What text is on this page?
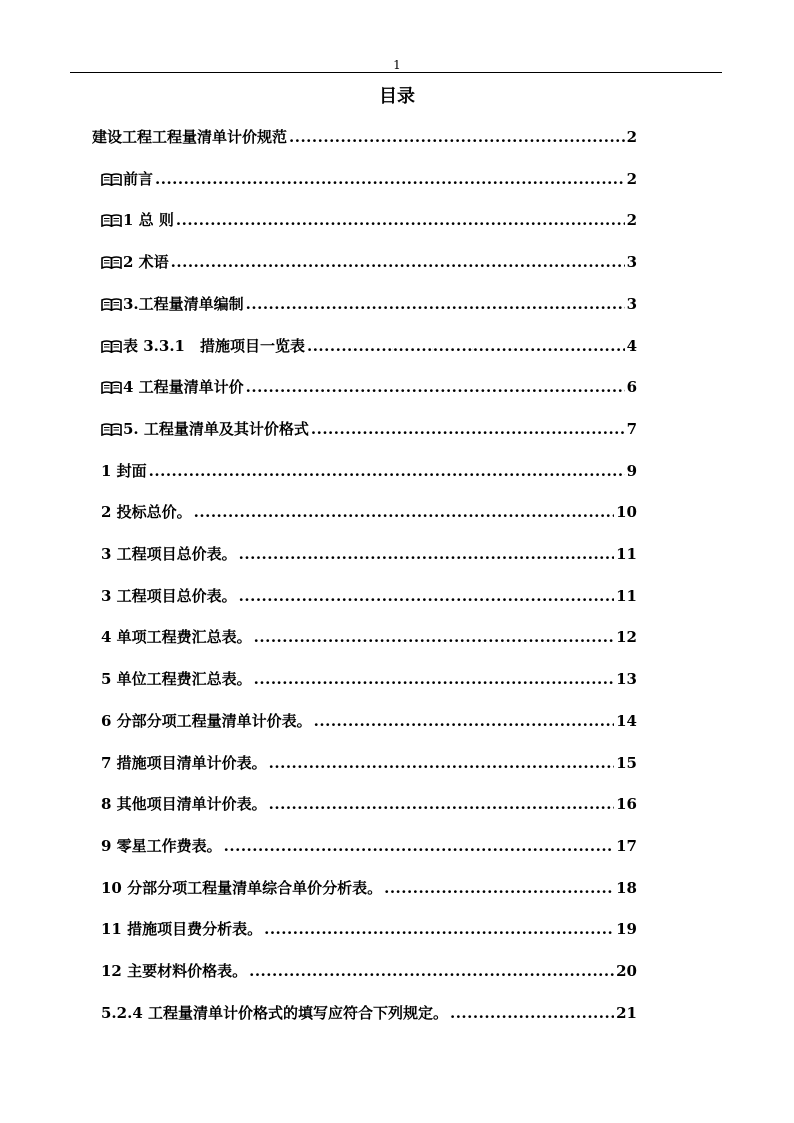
1
目录
建设工程工程量清单计价规范 .....	2
前言 .....	2
1 总 则 .....	2
2 术语 .....	3
3.工程量清单编制 .....	3
表 3.3.1　措施项目一览表 .....	4
4 工程量清单计价 .....	6
5. 工程量清单及其计价格式 .....	7
1 封面 .....	9
2 投标总价。 .....	10
3 工程项目总价表。 .....	11
3 工程项目总价表。 .....	11
4 单项工程费汇总表。 .....	12
5 单位工程费汇总表。 .....	13
6 分部分项工程量清单计价表。 .....	14
7 措施项目清单计价表。 .....	15
8 其他项目清单计价表。 .....	16
9 零星工作费表。 .....	17
10 分部分项工程量清单综合单价分析表。 .....	18
11 措施项目费分析表。 .....	19
12 主要材料价格表。 .....	20
5.2.4 工程量清单计价格式的填写应符合下列规定。 .....	21
